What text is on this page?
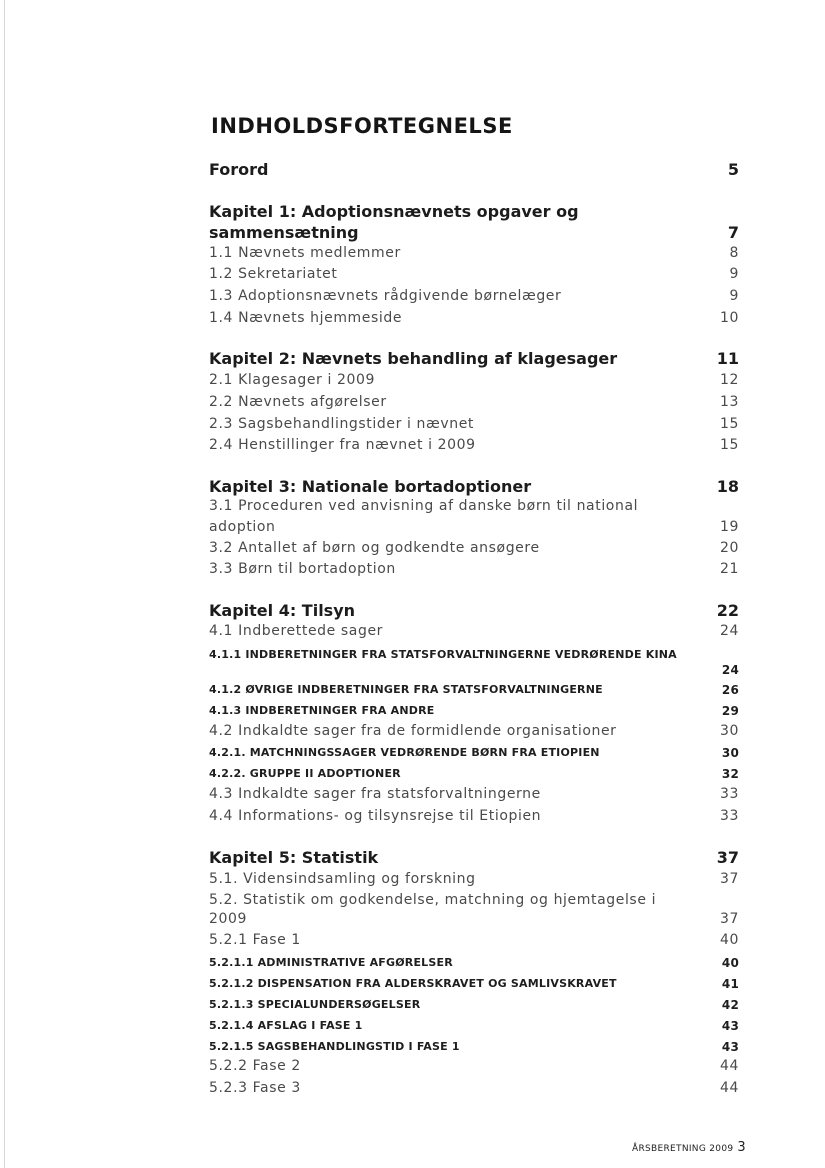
INDHOLDSFORTEGNELSE
Forord	5
Kapitel 1: Adoptionsnævnets opgaver og
sammensætning	7
1.1 Nævnets medlemmer	8
1.2 Sekretariatet	9
1.3 Adoptionsnævnets rådgivende børnelæger	9
1.4 Nævnets hjemmeside	10
Kapitel 2: Nævnets behandling af klagesager	11
2.1 Klagesager i 2009	12
2.2 Nævnets afgørelser	13
2.3 Sagsbehandlingstider i nævnet	15
2.4 Henstillinger fra nævnet i 2009	15
Kapitel 3: Nationale bortadoptioner	18
3.1 Proceduren ved anvisning af danske børn til national
adoption	19
3.2 Antallet af børn og godkendte ansøgere	20
3.3 Børn til bortadoption	21
Kapitel 4: Tilsyn	22
4.1 Indberettede sager	24
4.1.1 INDBERETNINGER FRA STATSFORVALTNINGERNE VEDRØRENDE KINA
24
4.1.2 ØVRIGE INDBERETNINGER FRA STATSFORVALTNINGERNE	26
4.1.3 INDBERETNINGER FRA ANDRE	29
4.2 Indkaldte sager fra de formidlende organisationer	30
4.2.1. MATCHNINGSSAGER VEDRØRENDE BØRN FRA ETIOPIEN	30
4.2.2. GRUPPE II ADOPTIONER	32
4.3 Indkaldte sager fra statsforvaltningerne	33
4.4 Informations- og tilsynsrejse til Etiopien	33
Kapitel 5: Statistik	37
5.1. Vidensindsamling og forskning	37
5.2. Statistik om godkendelse, matchning og hjemtagelse i
2009	37
5.2.1 Fase 1	40
5.2.1.1 ADMINISTRATIVE AFGØRELSER	40
5.2.1.2 DISPENSATION FRA ALDERSKRAVET OG SAMLIVSKRAVET	41
5.2.1.3 SPECIALUNDERSØGELSER	42
5.2.1.4 AFSLAG I FASE 1	43
5.2.1.5 SAGSBEHANDLINGSTID I FASE 1	43
5.2.2 Fase 2	44
5.2.3 Fase 3	44
ÅRSBERETNING 2009 3
